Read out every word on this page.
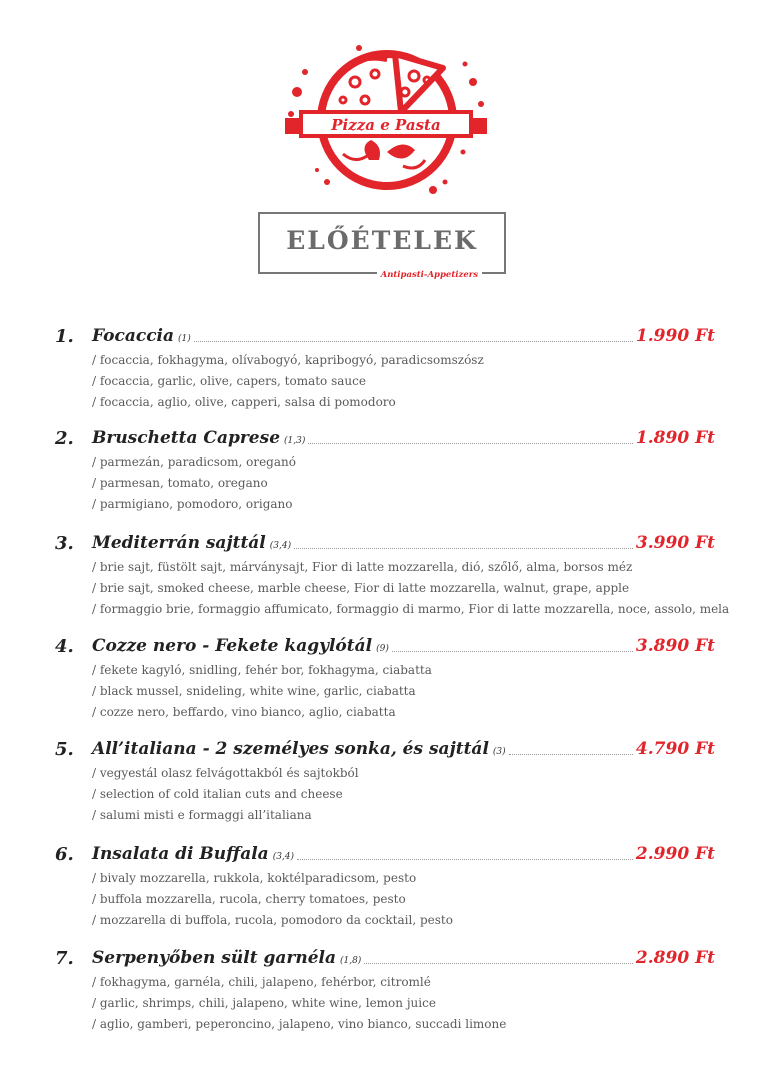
Pizza e Pasta
ELŐÉTELEK
Antipasti-Appetizers
1. Focaccia (1)	1.990 Ft
/ focaccia, fokhagyma, olívabogyó, kapribogyó, paradicsomszósz
/ focaccia, garlic, olive, capers, tomato sauce
/ focaccia, aglio, olive, capperi, salsa di pomodoro
2. Bruschetta Caprese (1,3)	1.890 Ft
/ parmezán, paradicsom, oreganó
/ parmesan, tomato, oregano
/ parmigiano, pomodoro, origano
3. Mediterrán sajttál (3,4)	3.990 Ft
/ brie sajt, füstölt sajt, márványsajt, Fior di latte mozzarella, dió, szőlő, alma, borsos méz
/ brie sajt, smoked cheese, marble cheese, Fior di latte mozzarella, walnut, grape, apple
/ formaggio brie, formaggio affumicato, formaggio di marmo, Fior di latte mozzarella, noce, assolo, mela
4. Cozze nero - Fekete kagylótál (9)	3.890 Ft
/ fekete kagyló, snidling, fehér bor, fokhagyma, ciabatta
/ black mussel, snideling, white wine, garlic, ciabatta
/ cozze nero, beffardo, vino bianco, aglio, ciabatta
5. All’italiana - 2 személyes sonka, és sajttál (3)	4.790 Ft
/ vegyestál olasz felvágottakból és sajtokból
/ selection of cold italian cuts and cheese
/ salumi misti e formaggi all’italiana
6. Insalata di Buffala (3,4)	2.990 Ft
/ bivaly mozzarella, rukkola, koktélparadicsom, pesto
/ buffola mozzarella, rucola, cherry tomatoes, pesto
/ mozzarella di buffola, rucola, pomodoro da cocktail, pesto
7. Serpenyőben sült garnéla (1,8)	2.890 Ft
/ fokhagyma, garnéla, chili, jalapeno, fehérbor, citromlé
/ garlic, shrimps, chili, jalapeno, white wine, lemon juice
/ aglio, gamberi, peperoncino, jalapeno, vino bianco, succadi limone
